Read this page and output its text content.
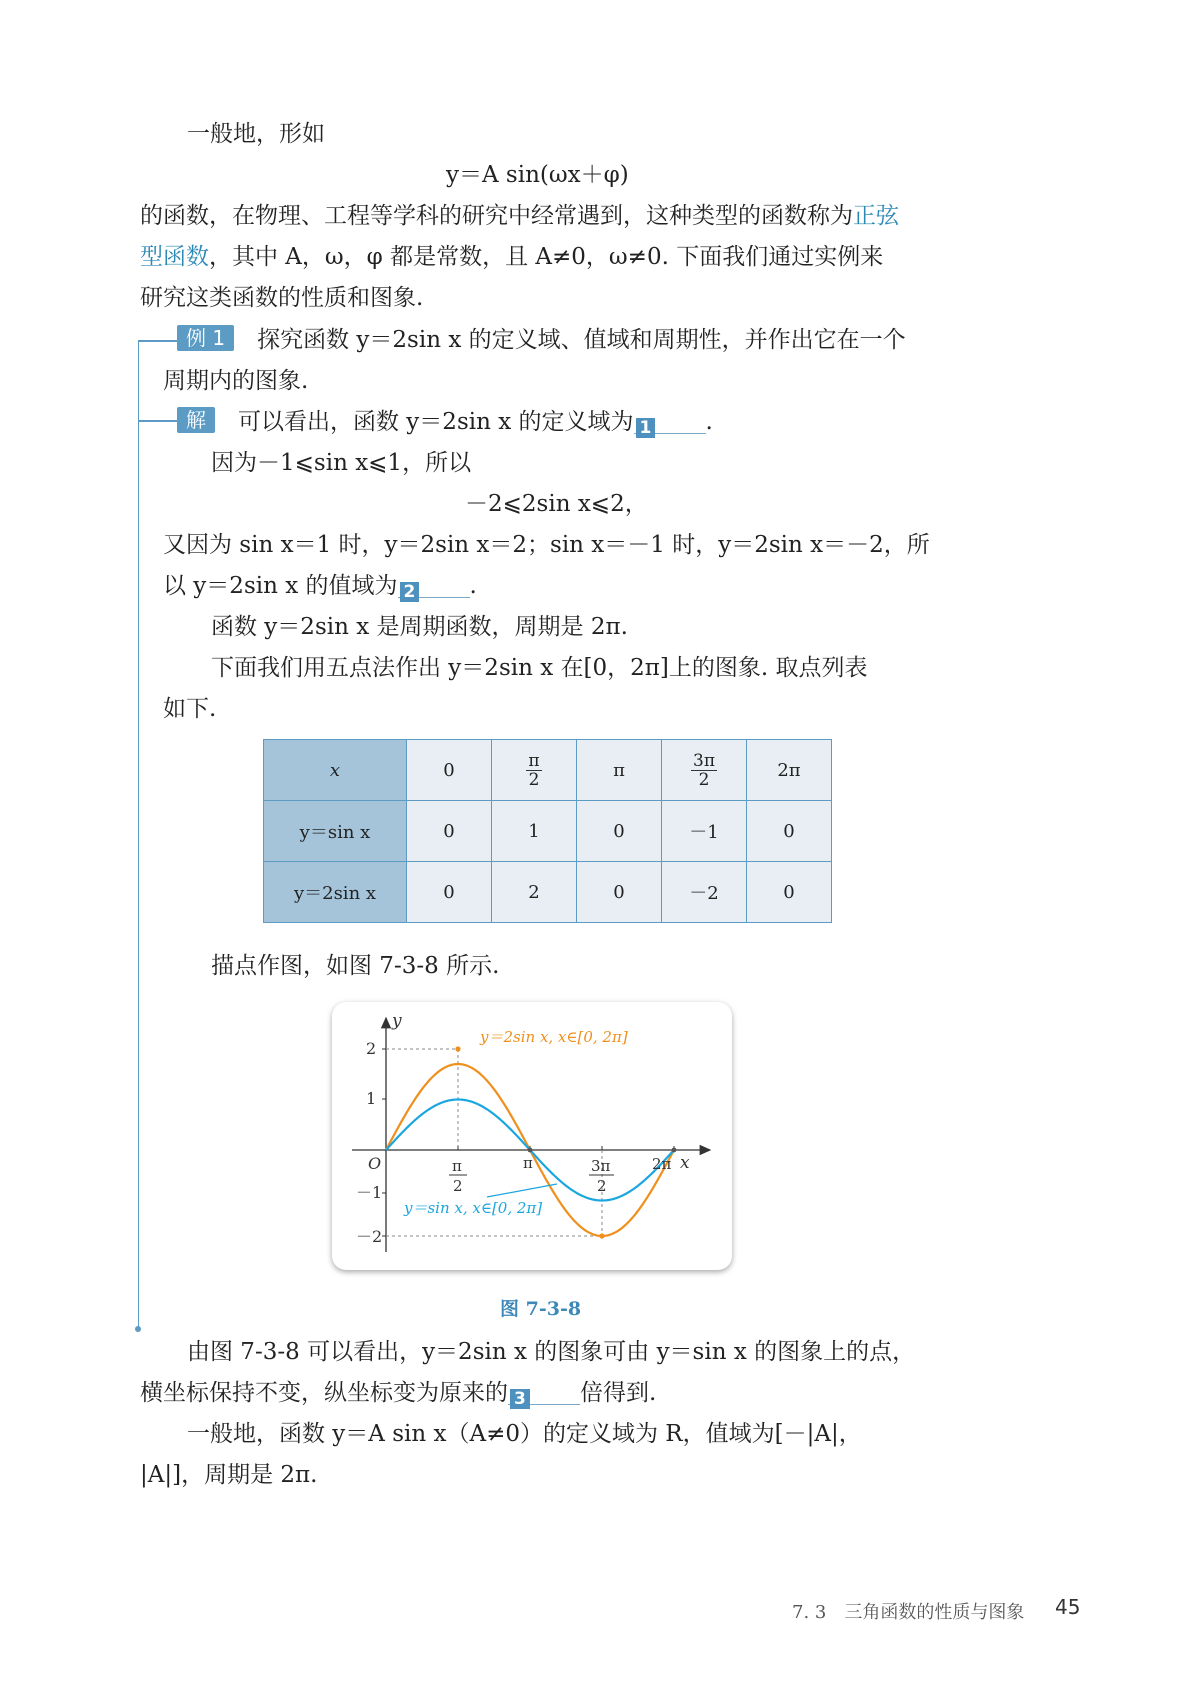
一般地，形如
y＝A sin(ωx＋φ)
的函数，在物理、工程等学科的研究中经常遇到，这种类型的函数称为正弦
型函数，其中 A，ω，φ 都是常数，且 A≠0，ω≠0. 下面我们通过实例来
研究这类函数的性质和图象.
例 1　 探究函数 y＝2sin x 的定义域、值域和周期性，并作出它在一个
周期内的图象.
解　 可以看出，函数 y＝2sin x 的定义域为 1 .
因为－1⩽sin x⩽1，所以
－2⩽2sin x⩽2，
又因为 sin x＝1 时，y＝2sin x＝2；sin x＝－1 时，y＝2sin x＝－2，所
以 y＝2sin x 的值域为 2 .
函数 y＝2sin x 是周期函数，周期是 2π.
下面我们用五点法作出 y＝2sin x 在[0，2π]上的图象. 取点列表
如下.
x	0	$\frac{\pi}{2}$	π	$\frac{3\pi}{2}$	2π
y＝sin x	0	1	0	－1	0
y＝2sin x	0	2	0	－2	0
描点作图，如图 7-3-8 所示.
y
x
O
2
1
－1
－2
π
2
π	3π
2
2π
y＝2sin x, x∈[0, 2π]
y＝sin x, x∈[0, 2π]
图 7-3-8
由图 7-3-8 可以看出，y＝2sin x 的图象可由 y＝sin x 的图象上的点，
横坐标保持不变，纵坐标变为原来的 3 倍得到.
一般地，函数 y＝A sin x（A≠0）的定义域为 R，值域为[－|A|，
|A|]，周期是 2π.
7. 3　三角函数的性质与图象 45
